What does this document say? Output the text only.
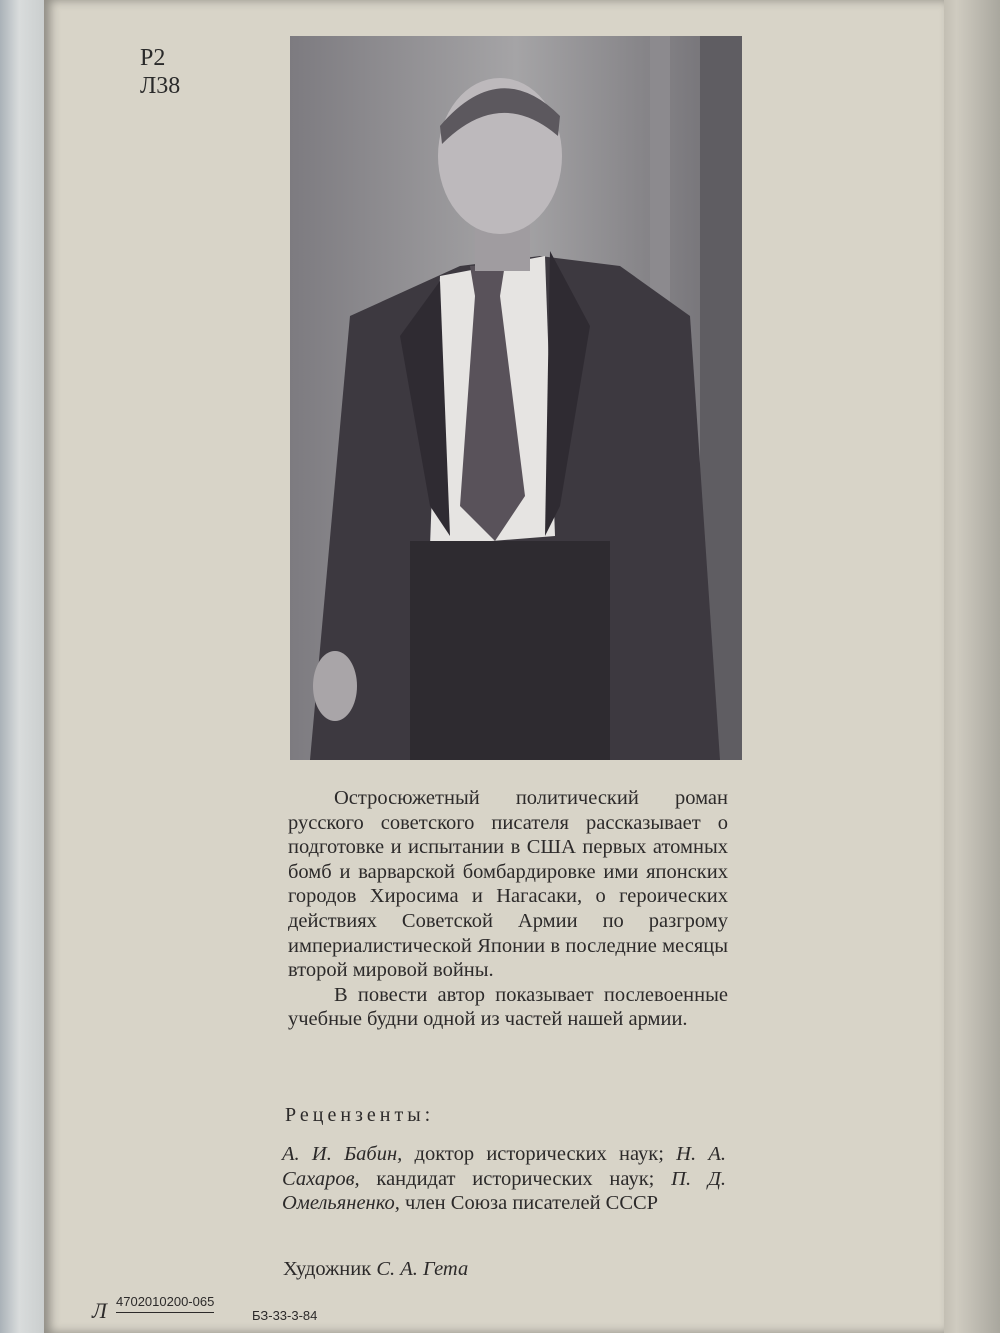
Р2
Л38

Остросюжетный политический роман русского советского писателя рассказывает о подготовке и испытании в США первых атомных бомб и варварской бомбардировке ими японских городов Хиросима и Нагасаки, о героических действиях Советской Армии по разгрому империалистической Японии в последние месяцы второй мировой войны.

В повести автор показывает послевоенные учебные будни одной из частей нашей армии.

Рецензенты:
А. И. Бабин, доктор исторических наук; Н. А. Сахаров, кандидат исторических наук; П. Д. Омельяненко, член Союза писателей СССР
Художник С. А. Гета
Л 4702010200-065
БЗ-33-3-84
